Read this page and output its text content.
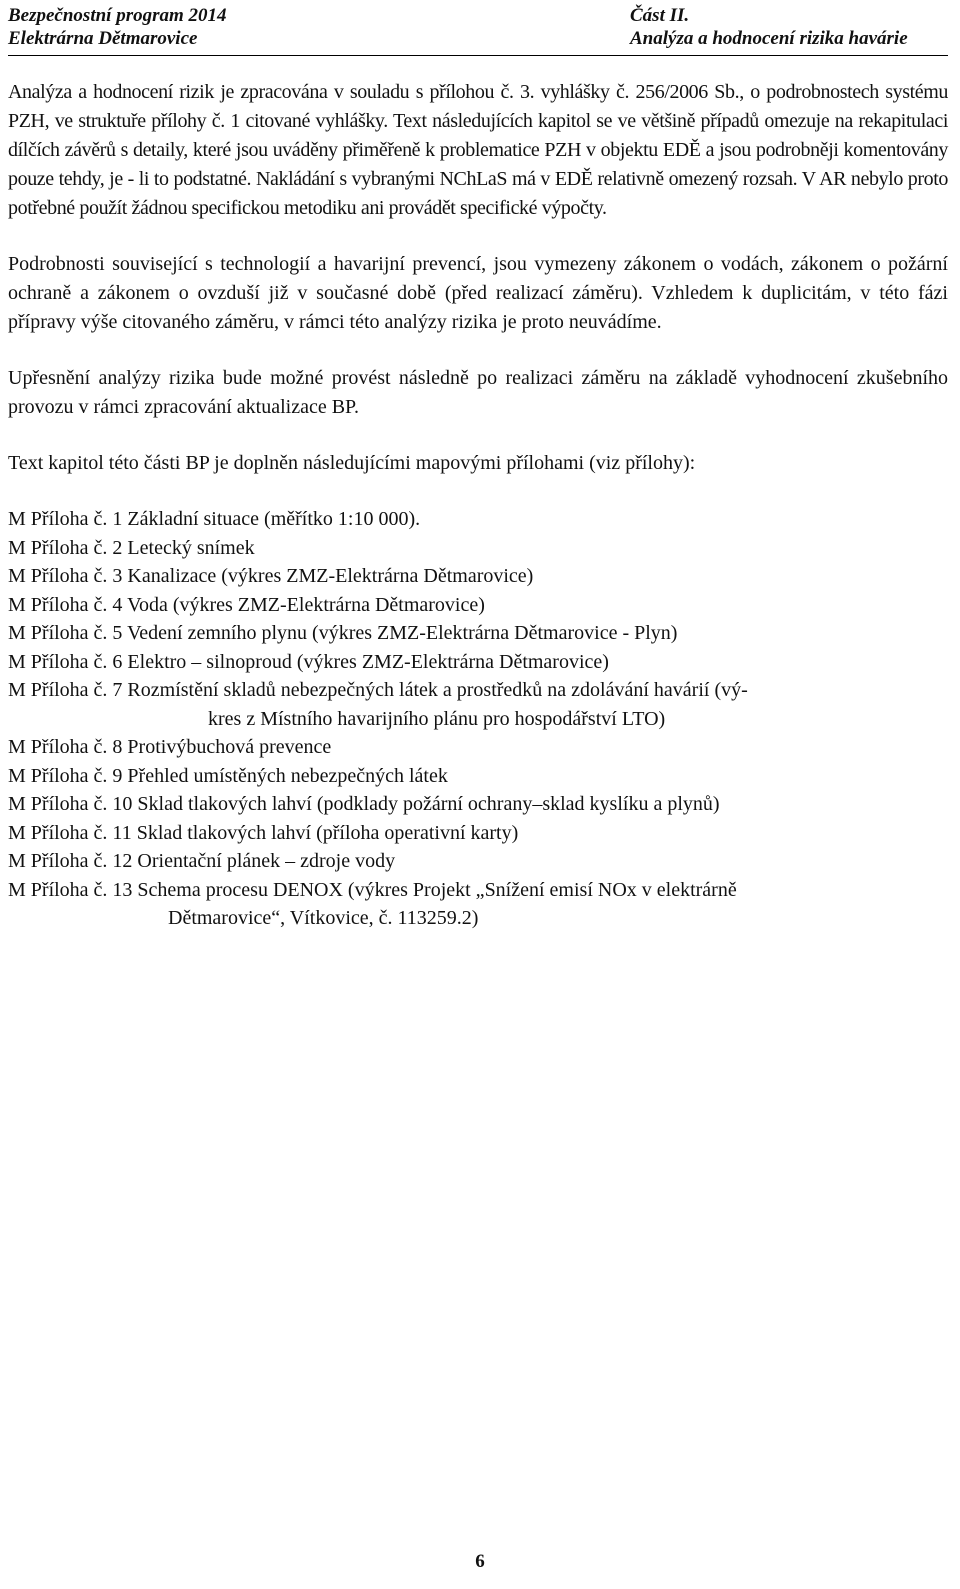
Bezpečnostní program 2014
Elektrárna Dětmarovice
Část II.
Analýza a hodnocení rizika havárie

Analýza a hodnocení rizik je zpracována v souladu s přílohou č. 3. vyhlášky č. 256/2006 Sb., o podrobnostech systému PZH, ve struktuře přílohy č. 1 citované vyhlášky. Text následujících kapitol se ve většině případů omezuje na rekapitulaci dílčích závěrů s detaily, které jsou uváděny přiměřeně k problematice PZH v objektu EDĚ a jsou podrobněji komentovány pouze tehdy, je - li to podstatné. Nakládání s vybranými NChLaS má v EDĚ relativně omezený rozsah. V AR nebylo proto potřebné použít žádnou specifickou metodiku ani provádět specifické výpočty.

Podrobnosti související s technologií a havarijní prevencí, jsou vymezeny zákonem o vodách, zákonem o požární ochraně a zákonem o ovzduší již v současné době (před realizací záměru). Vzhledem k duplicitám, v této fázi přípravy výše citovaného záměru, v rámci této analýzy rizika je proto neuvádíme.

Upřesnění analýzy rizika bude možné provést následně po realizaci záměru na základě vyhodnocení zkušebního provozu v rámci zpracování aktualizace BP.

Text kapitol této části BP je doplněn následujícími mapovými přílohami (viz přílohy):

M Příloha č. 1 Základní situace (měřítko 1:10 000).
M Příloha č. 2 Letecký snímek
M Příloha č. 3 Kanalizace (výkres ZMZ-Elektrárna Dětmarovice)
M Příloha č. 4 Voda (výkres ZMZ-Elektrárna Dětmarovice)
M Příloha č. 5 Vedení zemního plynu (výkres ZMZ-Elektrárna Dětmarovice - Plyn)
M Příloha č. 6 Elektro – silnoproud (výkres ZMZ-Elektrárna Dětmarovice)
M Příloha č. 7 Rozmístění skladů nebezpečných látek a prostředků na zdolávání havárií (vý-
kres z Místního havarijního plánu pro hospodářství LTO)
M Příloha č. 8 Protivýbuchová prevence
M Příloha č. 9 Přehled umístěných nebezpečných látek
M Příloha č. 10 Sklad tlakových lahví (podklady požární ochrany–sklad kyslíku a plynů)
M Příloha č. 11 Sklad tlakových lahví (příloha operativní karty)
M Příloha č. 12 Orientační plánek – zdroje vody
M Příloha č. 13 Schema procesu DENOX (výkres Projekt „Snížení emisí NOx v elektrárně
Dětmarovice“, Vítkovice, č. 113259.2)
6
